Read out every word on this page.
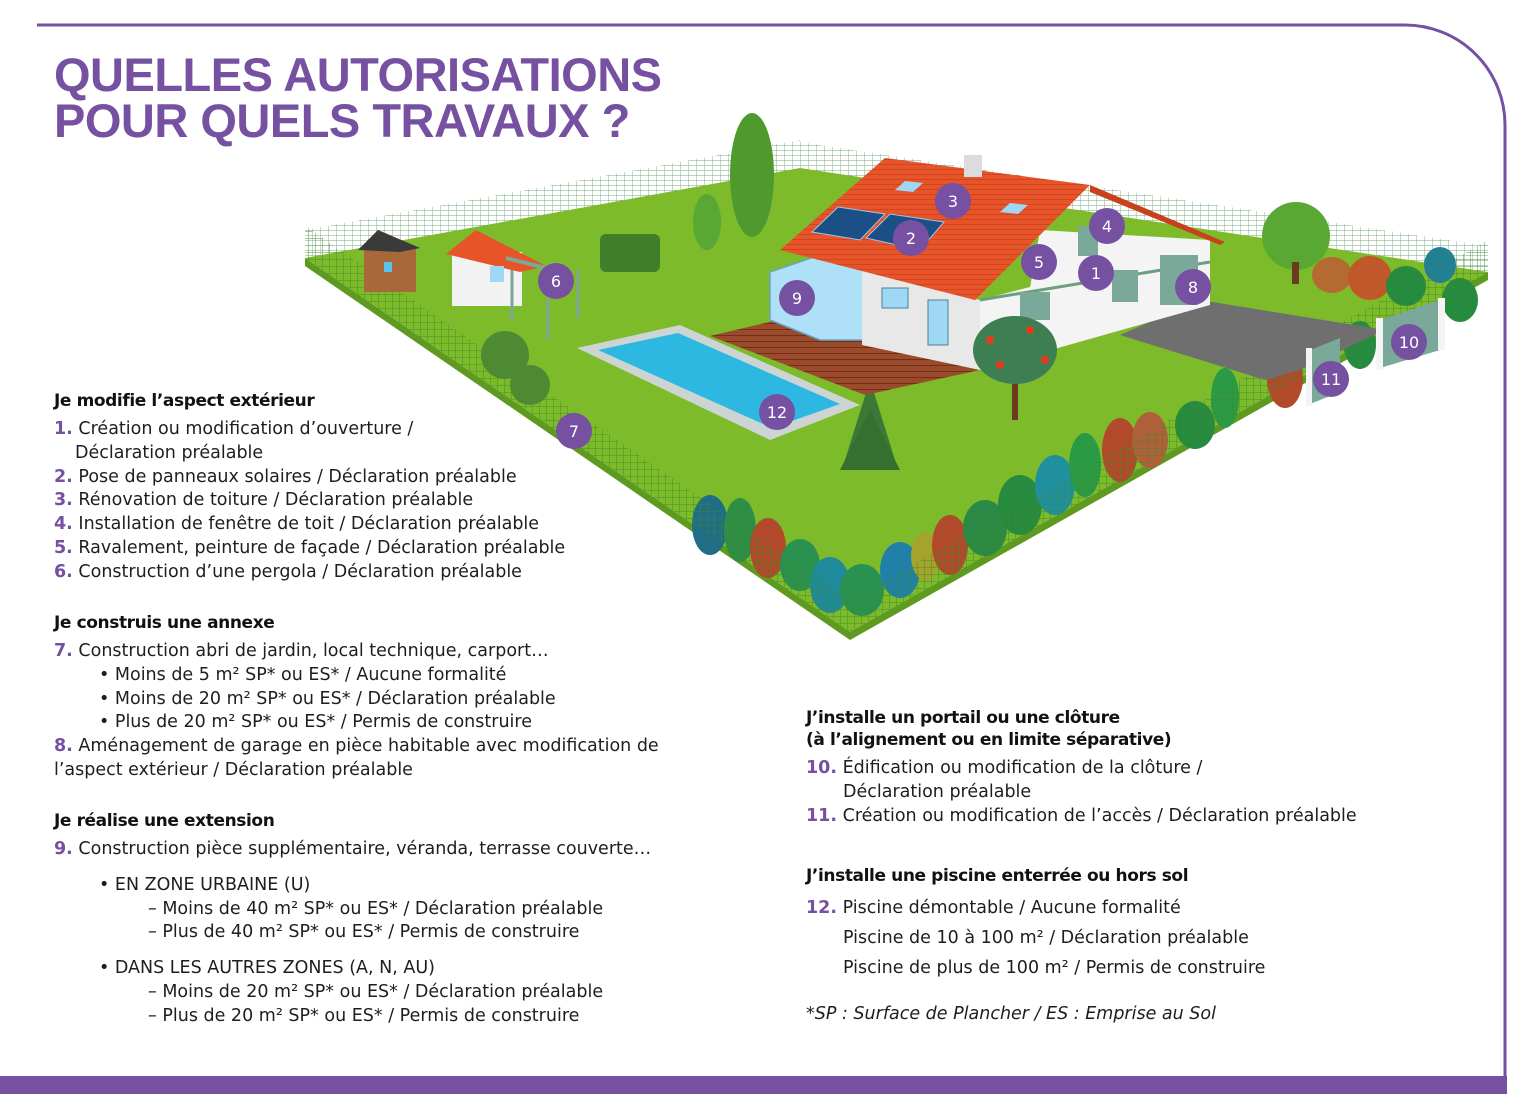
QUELLES AUTORISATIONS
POUR QUELS TRAVAUX ?
1
2
3
4
5
6
7
8
9
10
11
12
Je modifie l’aspect extérieur
1. Création ou modification d’ouverture /
Déclaration préalable
2. Pose de panneaux solaires / Déclaration préalable
3. Rénovation de toiture / Déclaration préalable
4. Installation de fenêtre de toit / Déclaration préalable
5. Ravalement, peinture de façade / Déclaration préalable
6. Construction d’une pergola / Déclaration préalable
Je construis une annexe
7. Construction abri de jardin, local technique, carport…
• Moins de 5 m² SP* ou ES* / Aucune formalité
• Moins de 20 m² SP* ou ES* / Déclaration préalable
• Plus de 20 m² SP* ou ES* / Permis de construire
8. Aménagement de garage en pièce habitable avec modification de
l’aspect extérieur / Déclaration préalable
Je réalise une extension
9. Construction pièce supplémentaire, véranda, terrasse couverte…
• EN ZONE URBAINE (U)
– Moins de 40 m² SP* ou ES* / Déclaration préalable
– Plus de 40 m² SP* ou ES* / Permis de construire
• DANS LES AUTRES ZONES (A, N, AU)
– Moins de 20 m² SP* ou ES* / Déclaration préalable
– Plus de 20 m² SP* ou ES* / Permis de construire
J’installe un portail ou une clôture
(à l’alignement ou en limite séparative)
10. Édification ou modification de la clôture /
Déclaration préalable
11. Création ou modification de l’accès / Déclaration préalable
J’installe une piscine enterrée ou hors sol
12. Piscine démontable / Aucune formalité
Piscine de 10 à 100 m² / Déclaration préalable
Piscine de plus de 100 m² / Permis de construire
*SP : Surface de Plancher / ES : Emprise au Sol
